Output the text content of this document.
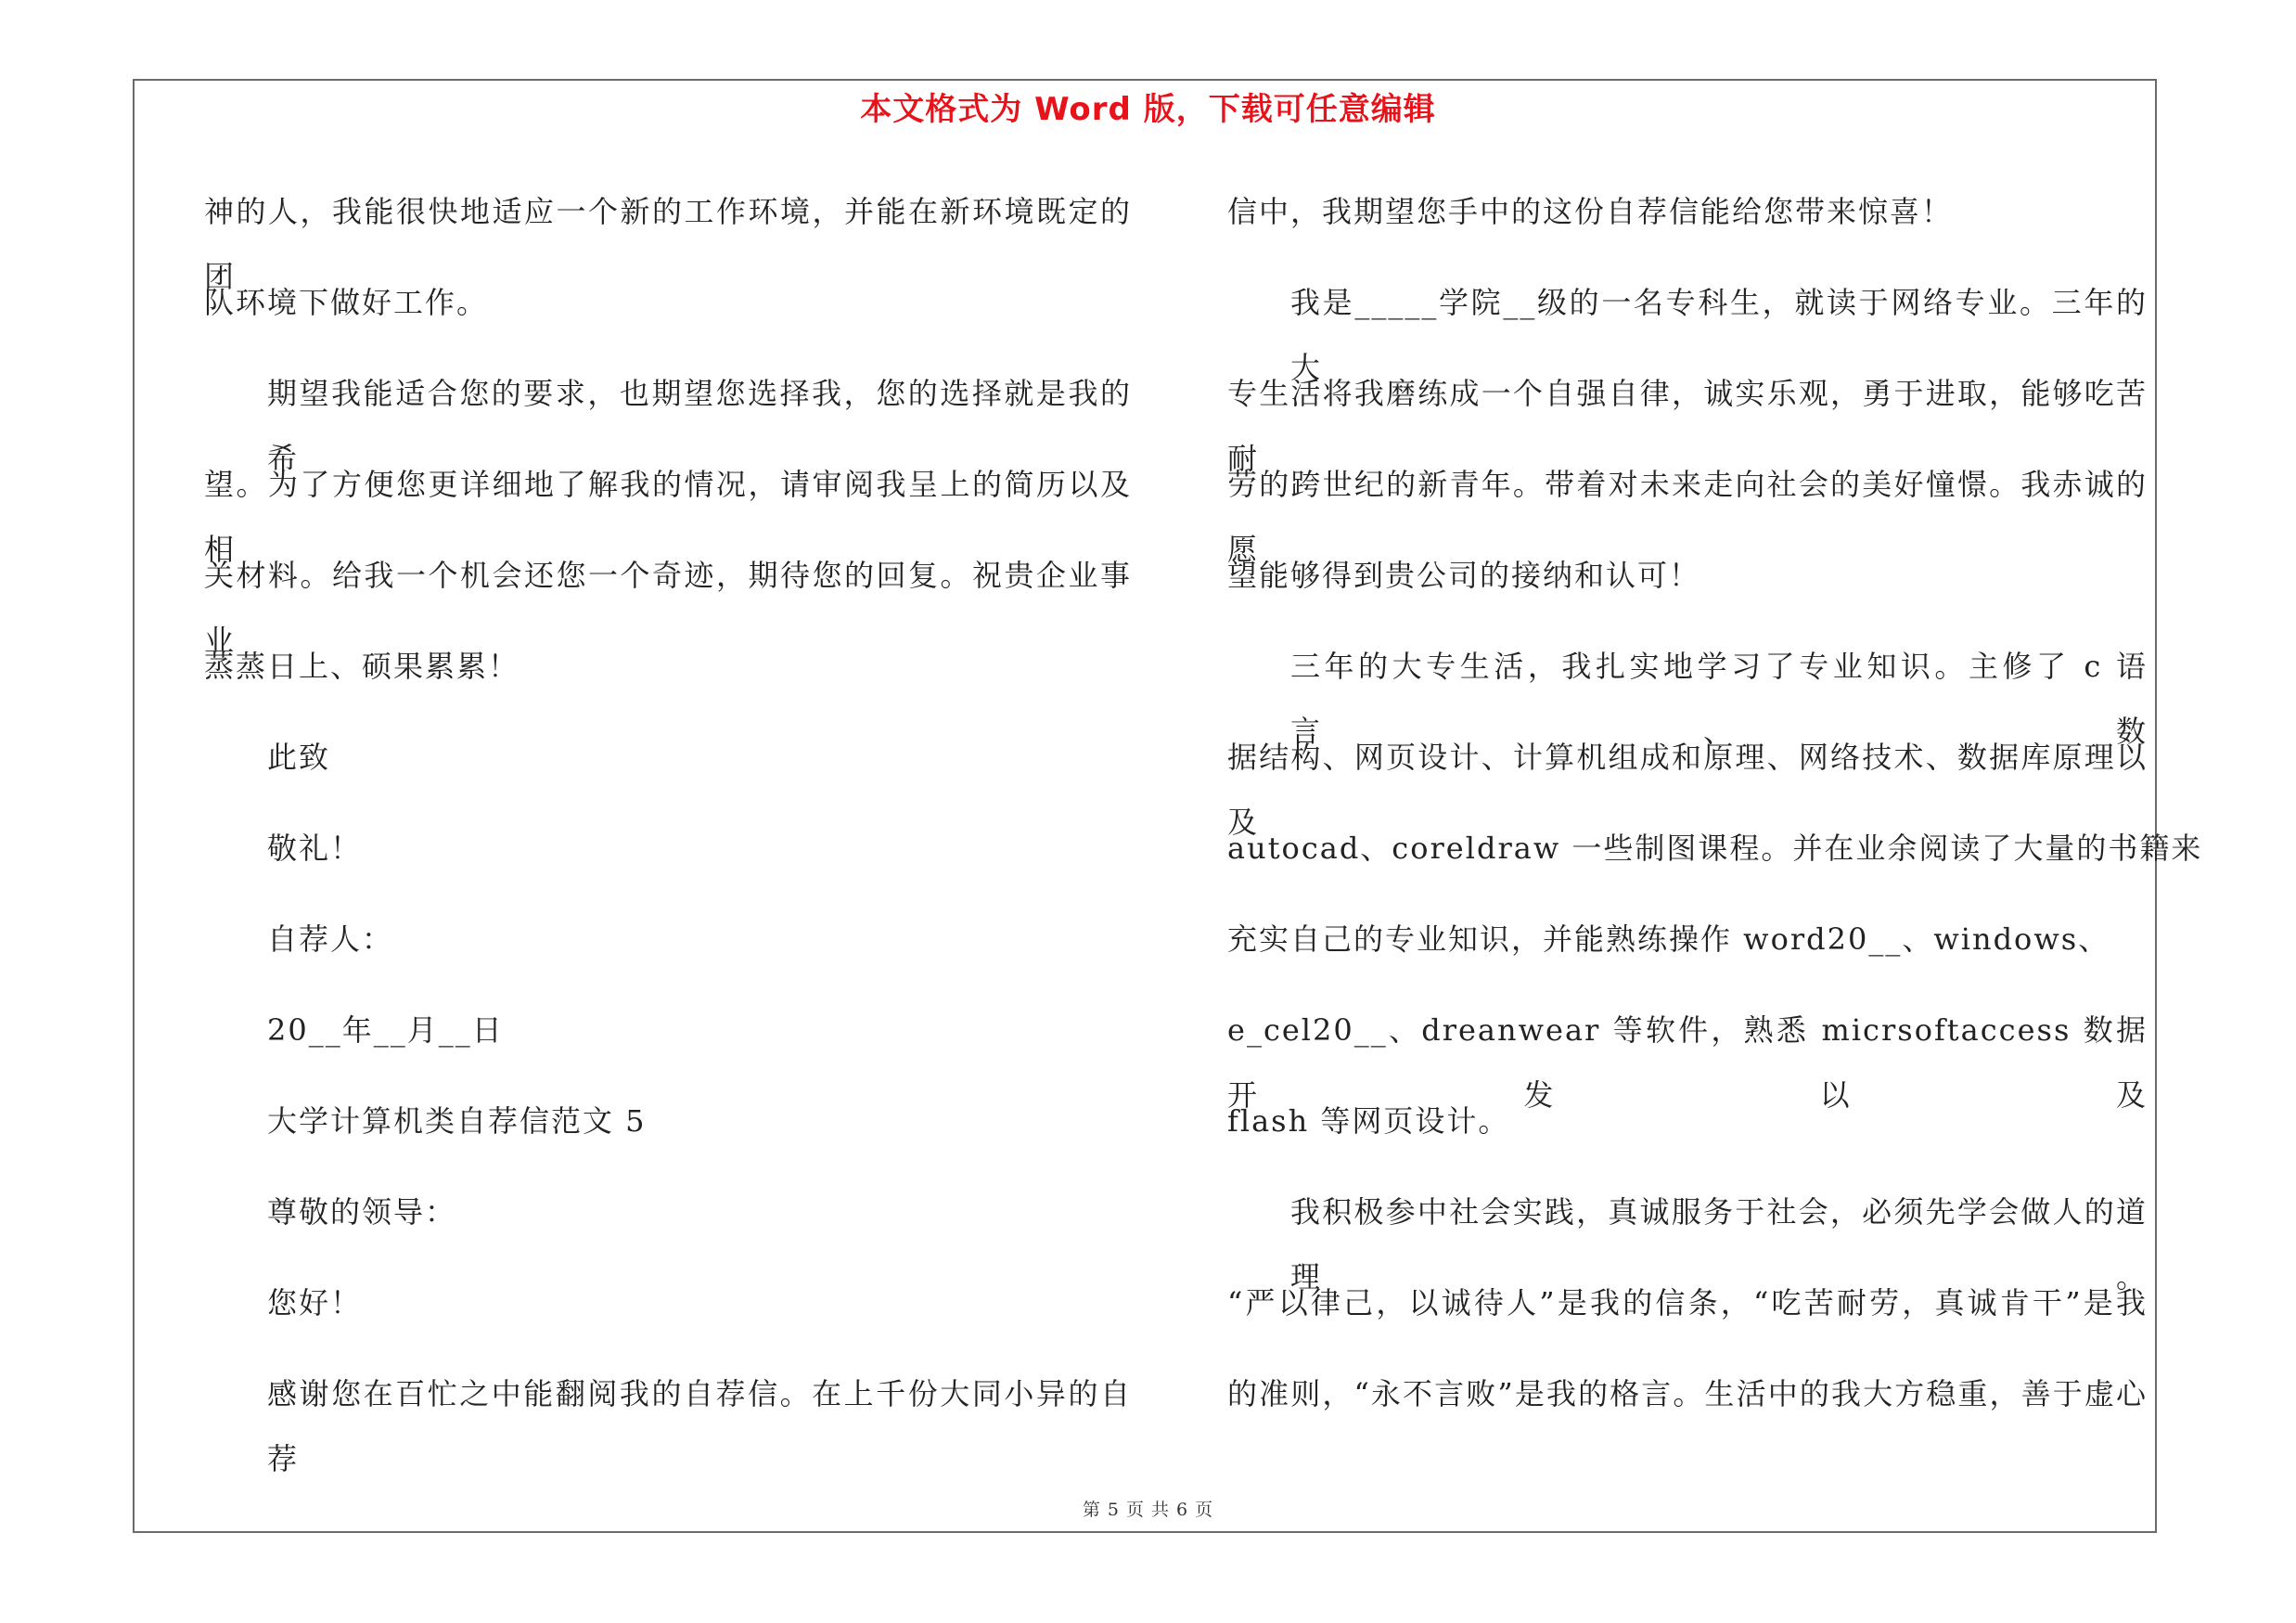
本文格式为 Word 版，下载可任意编辑
神的人，我能很快地适应一个新的工作环境，并能在新环境既定的团
队环境下做好工作。
期望我能适合您的要求，也期望您选择我，您的选择就是我的希
望。为了方便您更详细地了解我的情况，请审阅我呈上的简历以及相
关材料。给我一个机会还您一个奇迹，期待您的回复。祝贵企业事业
蒸蒸日上、硕果累累！
此致
敬礼！
自荐人：
20__年__月__日
大学计算机类自荐信范文 5
尊敬的领导：
您好！
感谢您在百忙之中能翻阅我的自荐信。在上千份大同小异的自荐
信中，我期望您手中的这份自荐信能给您带来惊喜！
我是_____学院__级的一名专科生，就读于网络专业。三年的大
专生活将我磨练成一个自强自律，诚实乐观，勇于进取，能够吃苦耐
劳的跨世纪的新青年。带着对未来走向社会的美好憧憬。我赤诚的愿
望能够得到贵公司的接纳和认可！
三年的大专生活，我扎实地学习了专业知识。主修了 c 语言、数
据结构、网页设计、计算机组成和原理、网络技术、数据库原理以及
autocad、coreldraw 一些制图课程。并在业余阅读了大量的书籍来
充实自己的专业知识，并能熟练操作 word20__、windows、
e_cel20__、dreanwear 等软件，熟悉 micrsoftaccess 数据开发以及
flash 等网页设计。
我积极参中社会实践，真诚服务于社会，必须先学会做人的道理。
“严以律己，以诚待人”是我的信条，“吃苦耐劳，真诚肯干”是我
的准则，“永不言败”是我的格言。生活中的我大方稳重，善于虚心
第 5 页 共 6 页
